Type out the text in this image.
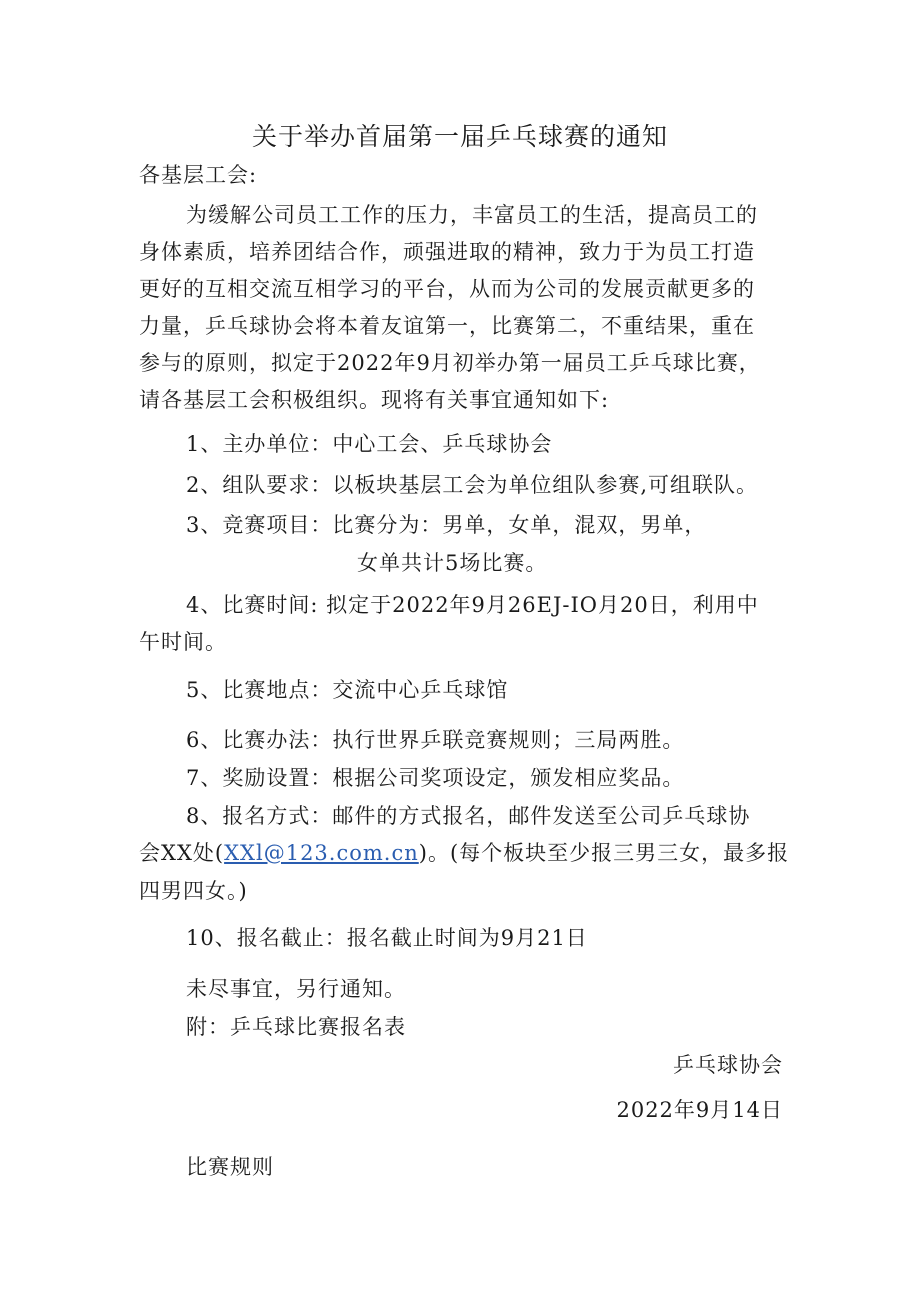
关于举办首届第一届乒乓球赛的通知

各基层工会:

为缓解公司员工工作的压力，丰富员工的生活，提高员工的

身体素质，培养团结合作，顽强进取的精神，致力于为员工打造

更好的互相交流互相学习的平台，从而为公司的发展贡献更多的

力量，乒乓球协会将本着友谊第一，比赛第二，不重结果，重在

参与的原则，拟定于2022年9月初举办第一届员工乒乓球比赛，

请各基层工会积极组织。现将有关事宜通知如下:

1、主办单位：中心工会、乒乓球协会

2、组队要求：以板块基层工会为单位组队参赛,可组联队。

3、竞赛项目：比赛分为：男单，女单，混双，男单，

女单共计5场比赛。

4、比赛时间: 拟定于2022年9月26EJ-IO月20日，利用中

午时间。

5、比赛地点：交流中心乒乓球馆

6、比赛办法：执行世界乒联竞赛规则；三局两胜。

7、奖励设置：根据公司奖项设定，颁发相应奖品。

8、报名方式：邮件的方式报名，邮件发送至公司乒乓球协

会XX处(XXl@123.com.cn)。(每个板块至少报三男三女，最多报

四男四女。)

10、报名截止：报名截止时间为9月21日

未尽事宜，另行通知。

附：乒乓球比赛报名表

乒乓球协会

2022年9月14日

比赛规则
